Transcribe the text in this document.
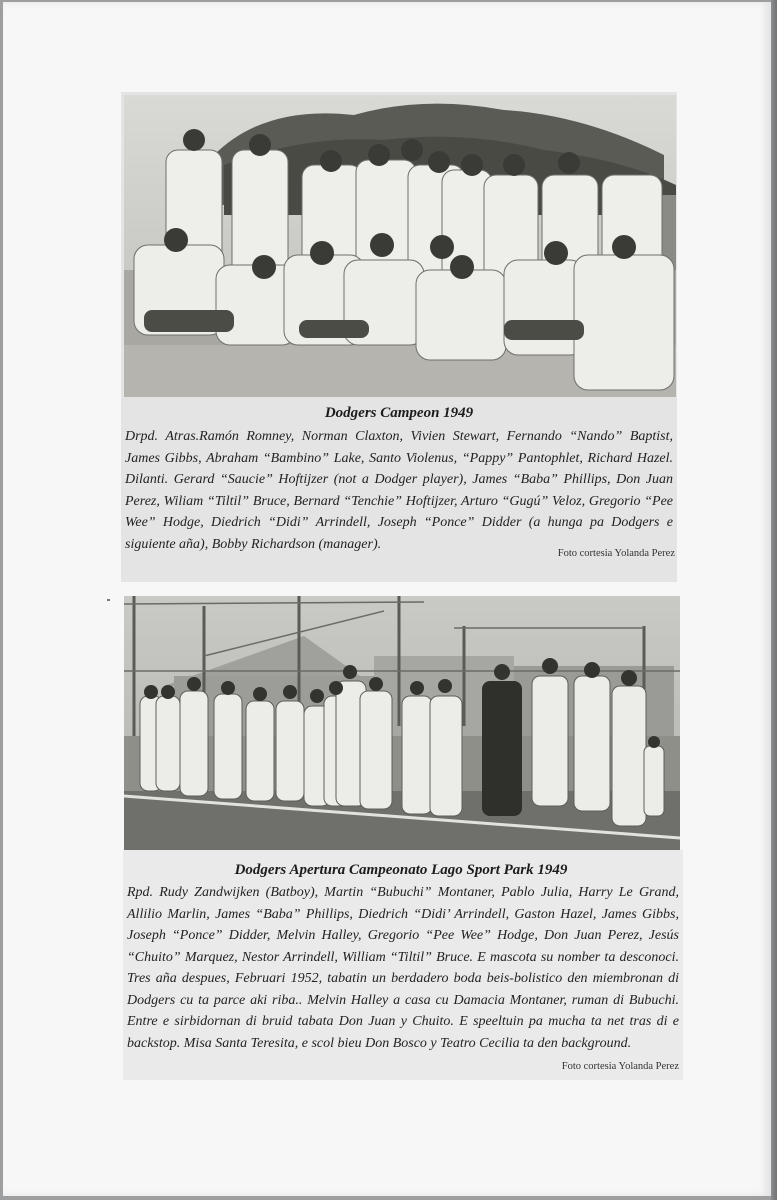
Dodgers Campeon 1949

Drpd. Atras.Ramón Romney, Norman Claxton, Vivien Stewart, Fernando “Nando” Baptist, James Gibbs, Abraham “Bambino” Lake, Santo Violenus, “Pappy” Pantophlet, Richard Hazel. Dilanti. Gerard “Saucie” Hoftijzer (not a Dodger player), James “Baba” Phillips, Don Juan Perez, Wiliam “Tiltil” Bruce, Bernard “Tenchie” Hoftijzer, Arturo “Gugú” Veloz, Gregorio “Pee Wee” Hodge, Diedrich “Didi” Arrindell, Joseph “Ponce” Didder (a hunga pa Dodgers e siguiente aña), Bobby Richardson (manager).

Foto cortesia Yolanda Perez
Dodgers Apertura Campeonato Lago Sport Park 1949

Rpd. Rudy Zandwijken (Batboy), Martin “Bubuchi” Montaner, Pablo Julia, Harry Le Grand, Allilio Marlin, James “Baba” Phillips, Diedrich “Didi’ Arrindell, Gaston Hazel, James Gibbs, Joseph “Ponce” Didder, Melvin Halley, Gregorio “Pee Wee” Hodge, Don Juan Perez, Jesús “Chuito” Marquez, Nestor Arrindell, William “Tiltil” Bruce. E mascota su nomber ta desconoci. Tres aña despues, Februari 1952, tabatin un berdadero boda beis-bolistico den miembronan di Dodgers cu ta parce aki riba.. Melvin Halley a casa cu Damacia Montaner, ruman di Bubuchi. Entre e sirbidornan di bruid tabata Don Juan y Chuito. E speeltuin pa mucha ta net tras di e backstop. Misa Santa Teresita, e scol bieu Don Bosco y Teatro Cecilia ta den background.

Foto cortesia Yolanda Perez
